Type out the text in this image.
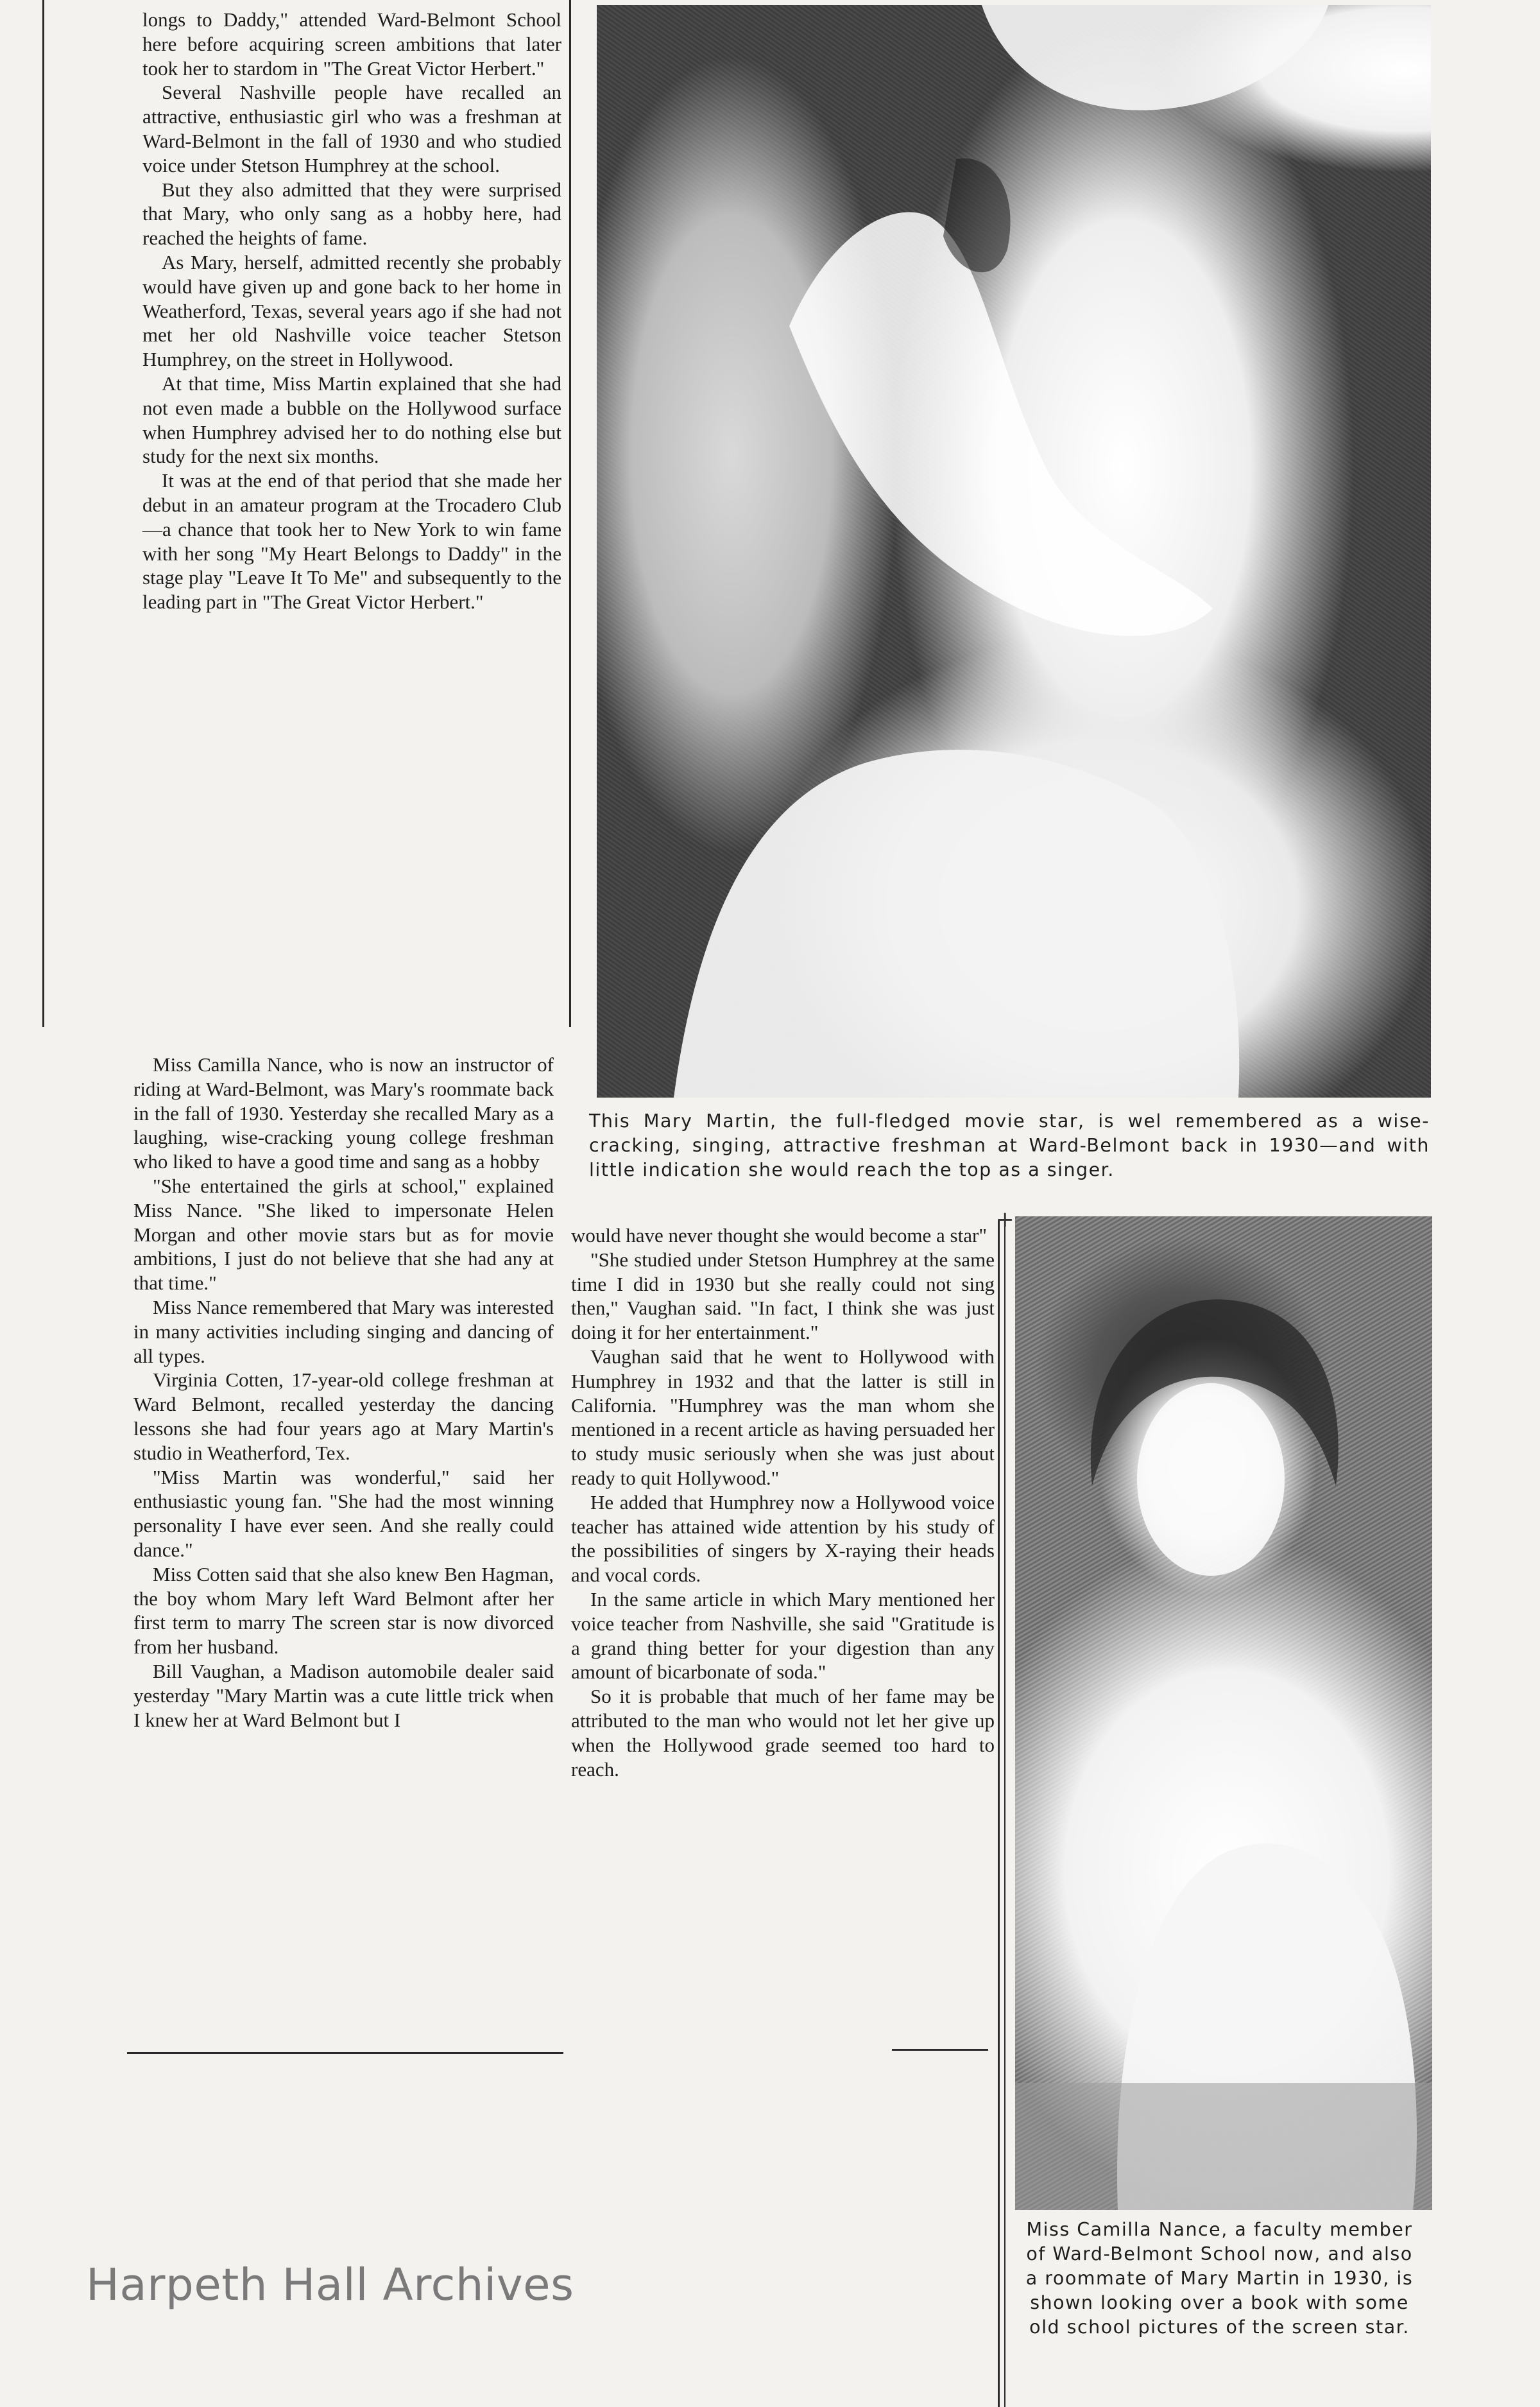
longs to Daddy," attended Ward-Belmont School here before acquiring screen ambitions that later took her to stardom in "The Great Victor Herbert."

Several Nashville people have recalled an attractive, enthusiastic girl who was a freshman at Ward-Belmont in the fall of 1930 and who studied voice under Stetson Humphrey at the school.

But they also admitted that they were surprised that Mary, who only sang as a hobby here, had reached the heights of fame.

As Mary, herself, admitted recently she probably would have given up and gone back to her home in Weatherford, Texas, several years ago if she had not met her old Nashville voice teacher Stetson Humphrey, on the street in Hollywood.

At that time, Miss Martin explained that she had not even made a bubble on the Hollywood surface when Humphrey advised her to do nothing else but study for the next six months.

It was at the end of that period that she made her debut in an amateur program at the Trocadero Club—a chance that took her to New York to win fame with her song "My Heart Belongs to Daddy" in the stage play "Leave It To Me" and subsequently to the leading part in "The Great Victor Herbert."

Miss Camilla Nance, who is now an instructor of riding at Ward-Belmont, was Mary's roommate back in the fall of 1930. Yesterday she recalled Mary as a laughing, wise-cracking young college freshman who liked to have a good time and sang as a hobby

"She entertained the girls at school," explained Miss Nance. "She liked to impersonate Helen Morgan and other movie stars but as for movie ambitions, I just do not believe that she had any at that time."

Miss Nance remembered that Mary was interested in many activities including singing and dancing of all types.

Virginia Cotten, 17-year-old college freshman at Ward Belmont, recalled yesterday the dancing lessons she had four years ago at Mary Martin's studio in Weatherford, Tex.

"Miss Martin was wonderful," said her enthusiastic young fan. "She had the most winning personality I have ever seen. And she really could dance."

Miss Cotten said that she also knew Ben Hagman, the boy whom Mary left Ward Belmont after her first term to marry The screen star is now divorced from her husband.

Bill Vaughan, a Madison automobile dealer said yesterday "Mary Martin was a cute little trick when I knew her at Ward Belmont but I

would have never thought she would become a star"

"She studied under Stetson Humphrey at the same time I did in 1930 but she really could not sing then," Vaughan said. "In fact, I think she was just doing it for her entertainment."

Vaughan said that he went to Hollywood with Humphrey in 1932 and that the latter is still in California. "Humphrey was the man whom she mentioned in a recent article as having persuaded her to study music seriously when she was just about ready to quit Hollywood."

He added that Humphrey now a Hollywood voice teacher has attained wide attention by his study of the possibilities of singers by X-raying their heads and vocal cords.

In the same article in which Mary mentioned her voice teacher from Nashville, she said "Gratitude is a grand thing better for your digestion than any amount of bicarbonate of soda."

So it is probable that much of her fame may be attributed to the man who would not let her give up when the Hollywood grade seemed too hard to reach.

This Mary Martin, the full-fledged movie star, is wel remembered as a wise-cracking, singing, attractive freshman at Ward-Belmont back in 1930—and with little indication she would reach the top as a singer.
+
Miss Camilla Nance, a faculty member of Ward-Belmont School now, and also a roommate of Mary Martin in 1930, is shown looking over a book with some old school pictures of the screen star.
Harpeth Hall Archives
